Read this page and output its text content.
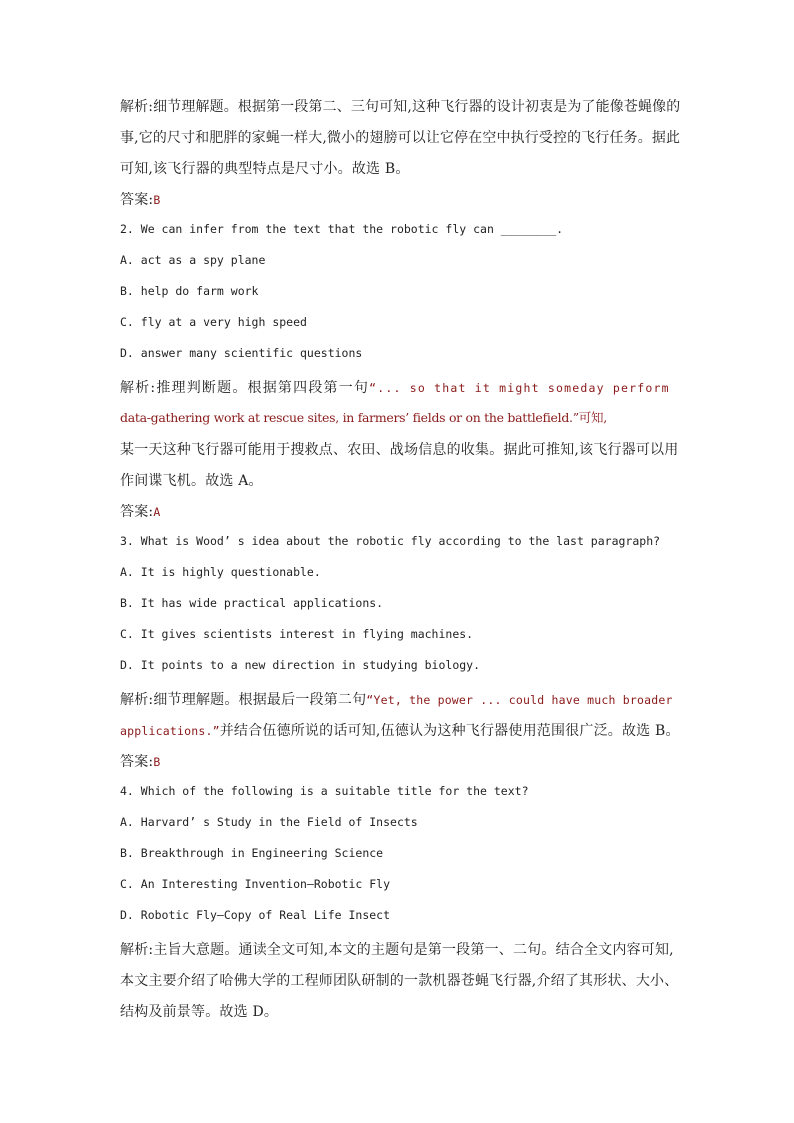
解析:细节理解题。根据第一段第二、三句可知,这种飞行器的设计初衷是为了能像苍蝇像的
事,它的尺寸和肥胖的家蝇一样大,微小的翅膀可以让它停在空中执行受控的飞行任务。据此
可知,该飞行器的典型特点是尺寸小。故选 B。
答案:B
2. We can infer from the text that the robotic fly can ________.
A. act as a spy plane
B. help do farm work
C. fly at a very high speed
D. answer many scientific questions
解析:推理判断题。根据第四段第一句“... so that it might someday perform
data-gathering work at rescue sites, in farmers’ fields or on the battlefield.”可知,
某一天这种飞行器可能用于搜救点、农田、战场信息的收集。据此可推知,该飞行器可以用
作间谍飞机。故选 A。
答案:A
3. What is Wood’ s idea about the robotic fly according to the last paragraph?
A. It is highly questionable.
B. It has wide practical applications.
C. It gives scientists interest in flying machines.
D. It points to a new direction in studying biology.
解析:细节理解题。根据最后一段第二句“Yet, the power ... could have much broader
applications.”并结合伍德所说的话可知,伍德认为这种飞行器使用范围很广泛。故选 B。
答案:B
4. Which of the following is a suitable title for the text?
A. Harvard’ s Study in the Field of Insects
B. Breakthrough in Engineering Science
C. An Interesting Invention—Robotic Fly
D. Robotic Fly—Copy of Real Life Insect
解析:主旨大意题。通读全文可知,本文的主题句是第一段第一、二句。结合全文内容可知,
本文主要介绍了哈佛大学的工程师团队研制的一款机器苍蝇飞行器,介绍了其形状、大小、
结构及前景等。故选 D。
